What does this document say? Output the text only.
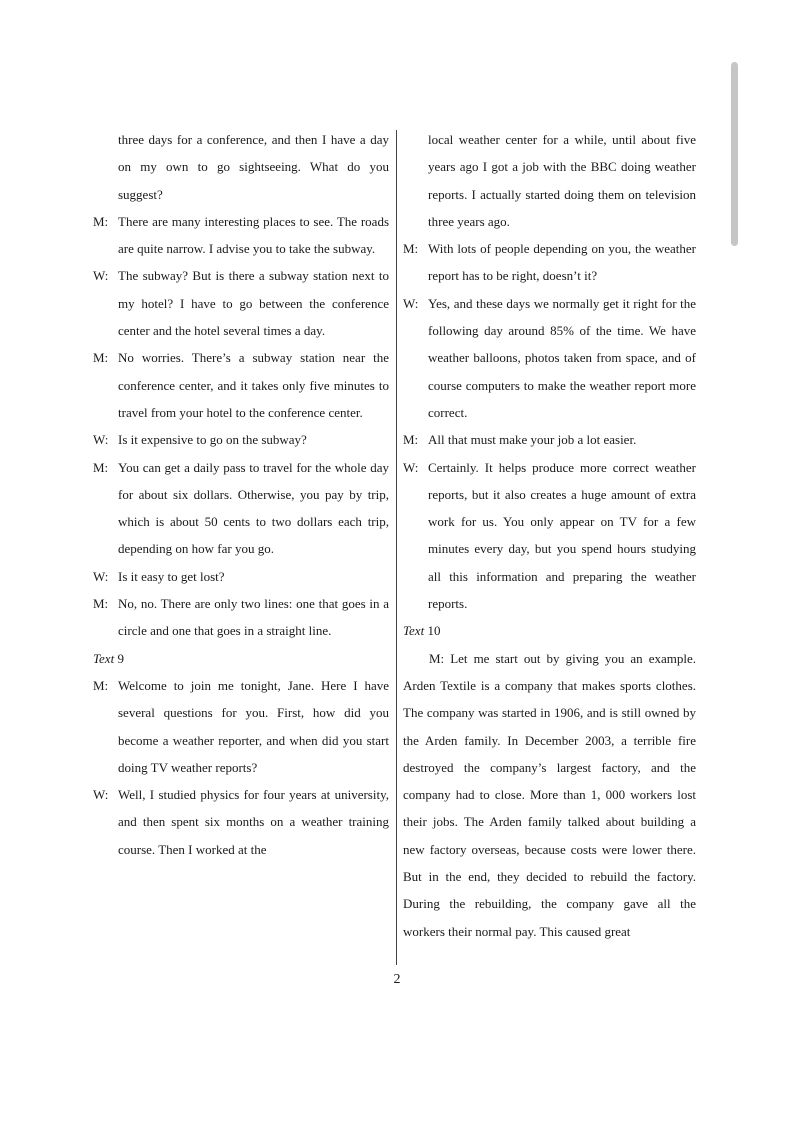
three days for a conference, and then I have a day on my own to go sightseeing. What do you suggest?

M: There are many interesting places to see. The roads are quite narrow. I advise you to take the subway.

W: The subway? But is there a subway station next to my hotel? I have to go between the conference center and the hotel several times a day.

M: No worries. There’s a subway station near the conference center, and it takes only five minutes to travel from your hotel to the conference center.

W: Is it expensive to go on the subway?

M: You can get a daily pass to travel for the whole day for about six dollars. Otherwise, you pay by trip, which is about 50 cents to two dollars each trip, depending on how far you go.

W: Is it easy to get lost?

M: No, no. There are only two lines: one that goes in a circle and one that goes in a straight line.

Text 9

M: Welcome to join me tonight, Jane. Here I have several questions for you. First, how did you become a weather reporter, and when did you start doing TV weather reports?

W: Well, I studied physics for four years at university, and then spent six months on a weather training course. Then I worked at the

local weather center for a while, until about five years ago I got a job with the BBC doing weather reports. I actually started doing them on television three years ago.

M: With lots of people depending on you, the weather report has to be right, doesn’t it?

W: Yes, and these days we normally get it right for the following day around 85% of the time. We have weather balloons, photos taken from space, and of course computers to make the weather report more correct.

M: All that must make your job a lot easier.

W: Certainly. It helps produce more correct weather reports, but it also creates a huge amount of extra work for us. You only appear on TV for a few minutes every day, but you spend hours studying all this information and preparing the weather reports.

Text 10

M: Let me start out by giving you an example. Arden Textile is a company that makes sports clothes. The company was started in 1906, and is still owned by the Arden family. In December 2003, a terrible fire destroyed the company’s largest factory, and the company had to close. More than 1, 000 workers lost their jobs. The Arden family talked about building a new factory overseas, because costs were lower there. But in the end, they decided to rebuild the factory. During the rebuilding, the company gave all the workers their normal pay. This caused great

2
